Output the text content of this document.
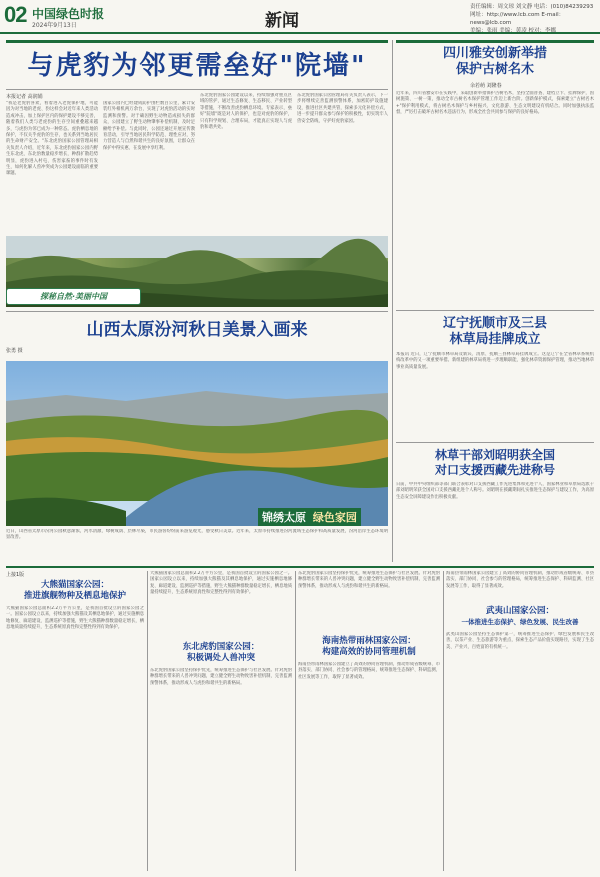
02 中国绿色时报
2024年9月13日	新闻
责任编辑：周文琼 刘文静 电话：(010)84239293
网址：http://www.lcb.com E-mail：news@lcb.com
美编：张雨 美编：黄凌 校对：李娜
与虎豹为邻更需垒好"院墙"
本报记者 高润娟
"我是老虎豹喜欢，看着进入老虎保护地，可能因为对当地的老虎、豹这样会对近年来人类活动造成冲击，加上保护区内的保护建设不够完善，随着我们人类与老虎豹的生存空间重叠越来越多，与虎豹为邻已成为一种常态。虎豹栖息地的保护，不仅关乎虎豹的生存，也关系到当地居民的生命财产安全。"东北虎豹国家公园管理局相关负责人介绍，近年来，东北虎豹国家公园内野生东北虎、东北豹数量稳步增长，种群扩散趋势明显，虎豹进入村屯、伤害家畜的事件时有发生，如何化解人兽冲突成为公园建设面临的重要课题。
国家公园内已经建成防护围栏数百公里，累计安装红外相机两万余台，实现了对虎豹活动的实时监测和预警。对于确因野生动物造成损失的群众，公园建立了野生动物肇事补偿机制，及时足额给予补偿。与此同时，公园还通过开展宣传教育活动，引导当地居民科学防范、理性应对，努力营造人与自然和谐共生的良好氛围，让群众在保护中得实惠、在发展中享红利。
东北虎豹国家公园建设以来，持续加强对重点区域的管护，通过生态修复、生态移民、产业转型等措施，不断改善虎豹栖息环境。专家表示，垒好"院墙"既是对人的保护，也是对虎豹的保护，只有科学规划、合理布局，才能真正实现人与虎豹和谐共处。
东北虎豹国家公园管理局有关负责人表示，下一步将继续完善监测预警体系，加密防护设施建设，推进社区共建共管，探索多元化补偿方式，进一步提升群众参与保护的积极性，切实筑牢人兽安全防线，守护好虎豹家园。
探秘自然·美丽中国
四川雅安创新举措
保护古树名木
余若萌 刘隆春
近年来，四川省雅安市在实践中，采取创新举措保护古树名木，坚持全面普查、建档立卡、挂牌保护，因树施策、一树一策，推动全市古树名木保护管理工作迈上新台阶。创新保护模式，探索建立"古树名木+"保护利用模式，将古树名木保护与乡村振兴、文化旅游、生态文明建设有机结合。同时加强执法监督，严厉打击破坏古树名木违法行为，形成全社会共同参与保护的良好格局。
辽宁抚顺市及三县
林草局挂牌成立
本报讯 近日，辽宁抚顺市林草局及新宾、清原、抚顺三县林草局挂牌成立。这是辽宁在全省林草系统机构改革中的又一项重要举措。新组建的林草局将进一步理顺职能，强化林草资源保护管理，推动当地林草事业高质量发展。
林草干部刘昭明获全国
对口支援西藏先进称号
日前，中共中央组织部等部门联合表彰对口支援西藏工作先进集体和先进个人，国家林业和草原局选派干部刘昭明荣获全国对口支援西藏先进个人称号。刘昭明在援藏期间扎实推进生态保护与建设工作，为高原生态安全屏障建设作出积极贡献。
山西太原汾河秋日美景入画来
张勇 摄
近日，山西省太原市汾河公园秋意渐浓，河水清澈、绿树成荫、层林尽染，市民游客纷纷前来游览观光，感受秋日美景。近年来，太原市持续推进汾河流域生态保护和高质量发展，汾河沿岸生态环境明显改善。
锦绣太原 绿色家园
上接1版
大熊猫国家公园：
推进旗舰物种及栖息地保护
大熊猫国家公园总面积2.2万平方公里，是我国首批设立的国家公园之一。国家公园设立以来，持续加强大熊猫及其栖息地保护，通过实施栖息地修复、廊道建设、监测巡护等措施，野生大熊猫种群数量稳定增长，栖息地质量持续提升，生态系统原真性和完整性得到有效保护。
大熊猫国家公园总面积2.2万平方公里，是我国首批设立的国家公园之一。国家公园设立以来，持续加强大熊猫及其栖息地保护，通过实施栖息地修复、廊道建设、监测巡护等措施，野生大熊猫种群数量稳定增长，栖息地质量持续提升，生态系统原真性和完整性得到有效保护。
东北虎豹国家公园：
积极调处人兽冲突
东北虎豹国家公园坚持保护优先，统筹推进生态保护与社区发展。针对虎豹种群增长带来的人兽冲突问题，建立健全野生动物致害补偿机制，完善监测预警体系，推动形成人与虎豹和谐共生的新格局。
东北虎豹国家公园坚持保护优先，统筹推进生态保护与社区发展。针对虎豹种群增长带来的人兽冲突问题，建立健全野生动物致害补偿机制，完善监测预警体系，推动形成人与虎豹和谐共生的新格局。
海南热带雨林国家公园：
构建高效的协同管理机制
海南热带雨林国家公园建立了高效的协同管理机制，推动形成省级统筹、市县落实、部门协同、社会参与的管理格局，统筹推进生态保护、科研监测、社区发展等工作，取得了显著成效。
武夷山国家公园：
一体推进生态保护、绿色发展、民生改善
海南热带雨林国家公园建立了高效的协同管理机制，推动形成省级统筹、市县落实、部门协同、社会参与的管理格局，统筹推进生态保护、科研监测、社区发展等工作，取得了显著成效。
武夷山国家公园坚持生态保护第一，统筹推进生态保护、绿色发展和民生改善，以茶产业、生态旅游等为重点，探索生态产品价值实现路径，实现了生态美、产业兴、百姓富的有机统一。
